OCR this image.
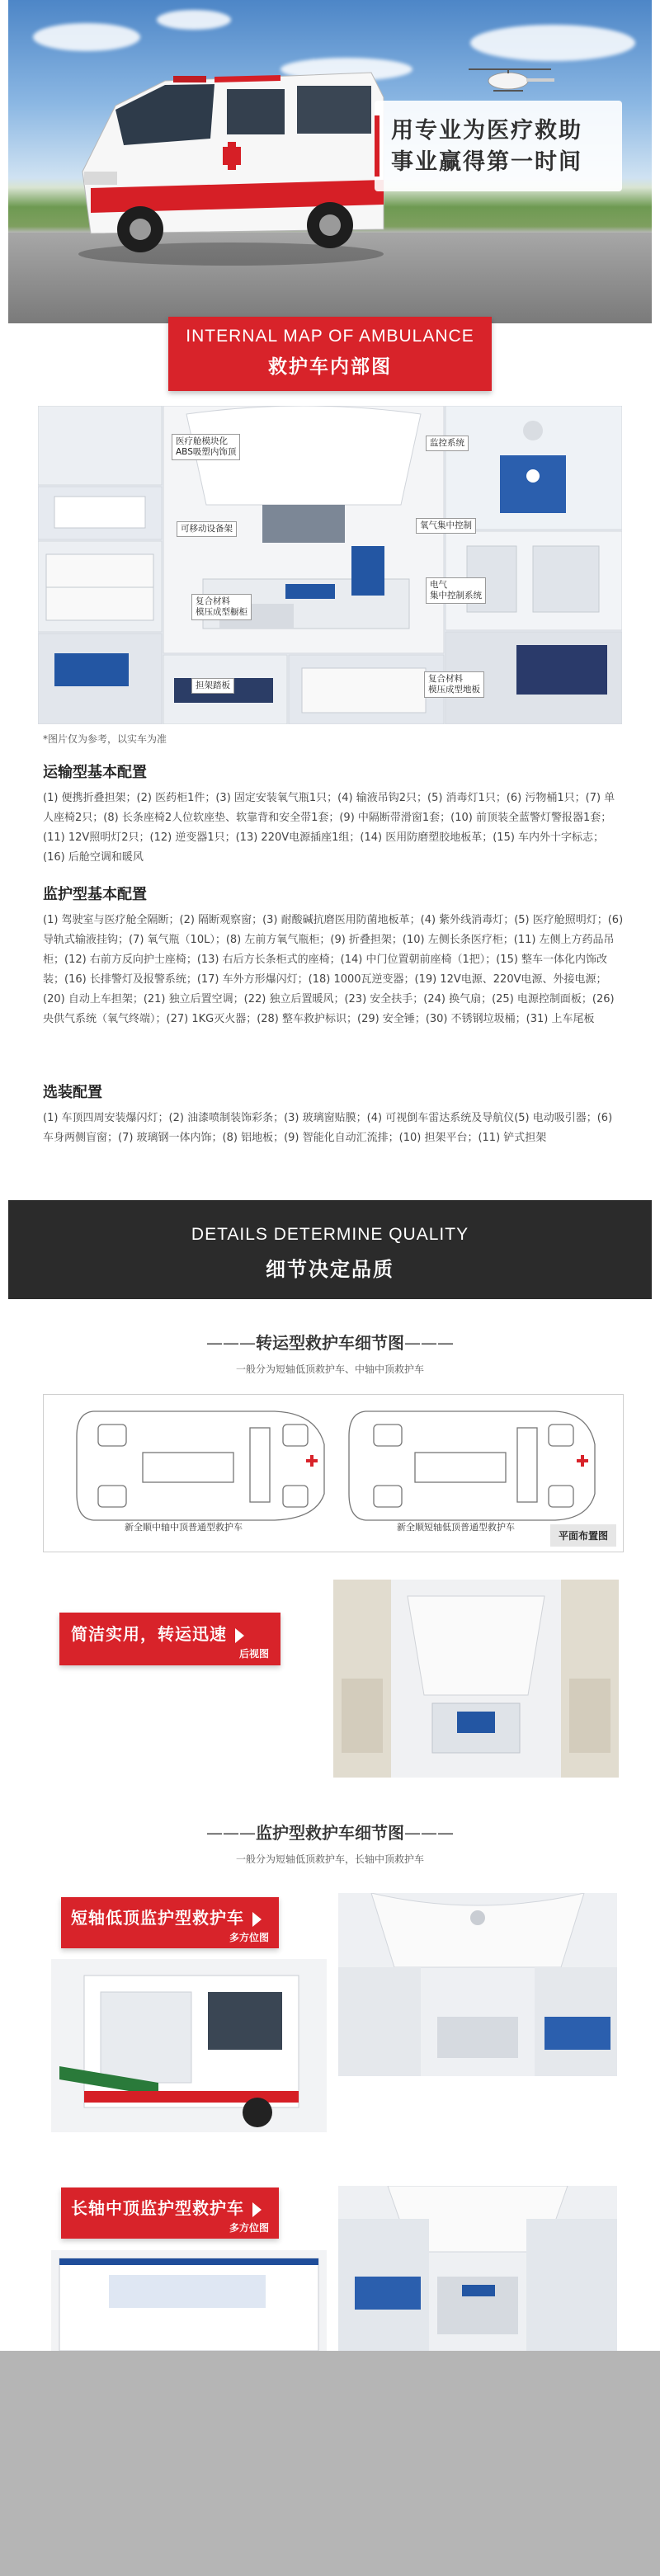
用专业为医疗救助
事业赢得第一时间
INTERNAL MAP OF AMBULANCE
救护车内部图
医疗舱模块化
ABS吸塑内饰顶
监控系统
可移动设备架	氧气集中控制
复合材料
模压成型橱柜
电气
集中控制系统
担架踏板
复合材料
模压成型地板
*图片仅为参考，以实车为准
运输型基本配置

(1) 便携折叠担架；(2) 医药柜1件；(3) 固定安装氧气瓶1只；(4) 输液吊钩2只；(5) 消毒灯1只；(6) 污物桶1只；(7) 单人座椅2只；(8) 长条座椅2人位软座垫、软靠背和安全带1套；(9) 中隔断带滑窗1套；(10) 前顶装全蓝警灯警报器1套；(11) 12V照明灯2只；(12) 逆变器1只；(13) 220V电源插座1组；(14) 医用防磨塑胶地板革；(15) 车内外十字标志；(16) 后舱空调和暖风

监护型基本配置

(1) 驾驶室与医疗舱全隔断；(2) 隔断观察窗；(3) 耐酸碱抗磨医用防菌地板革；(4) 紫外线消毒灯；(5) 医疗舱照明灯；(6) 导轨式输液挂钩；(7) 氧气瓶（10L）；(8) 左前方氧气瓶柜；(9) 折叠担架；(10) 左侧长条医疗柜；(11) 左侧上方药品吊柜；(12) 右前方反向护士座椅；(13) 右后方长条柜式的座椅；(14) 中门位置朝前座椅（1把）；(15) 整车一体化内饰改装；(16) 长排警灯及报警系统；(17) 车外方形爆闪灯；(18) 1000瓦逆变器；(19) 12V电源、220V电源、外接电源；(20) 自动上车担架；(21) 独立后置空调；(22) 独立后置暖风；(23) 安全扶手；(24) 换气扇；(25) 电源控制面板；(26) 央供气系统（氧气终端）；(27) 1KG灭火器；(28) 整车救护标识；(29) 安全锤；(30) 不锈钢垃圾桶；(31) 上车尾板

选装配置

(1) 车顶四周安装爆闪灯；(2) 油漆喷制装饰彩条；(3) 玻璃窗贴膜；(4) 可视倒车雷达系统及导航仪(5) 电动吸引器；(6) 车身两侧盲窗；(7) 玻璃钢一体内饰；(8) 铝地板；(9) 智能化自动汇流排；(10) 担架平台；(11) 铲式担架

DETAILS DETERMINE QUALITY
细节决定品质
———转运型救护车细节图———
一般分为短轴低顶救护车、中轴中顶救护车
新全顺中轴中顶普通型救护车	新全顺短轴低顶普通型救护车
平面布置图
简洁实用，转运迅速
后视图
———监护型救护车细节图———
一般分为短轴低顶救护车，长轴中顶救护车
短轴低顶监护型救护车
多方位图
长轴中顶监护型救护车
多方位图
